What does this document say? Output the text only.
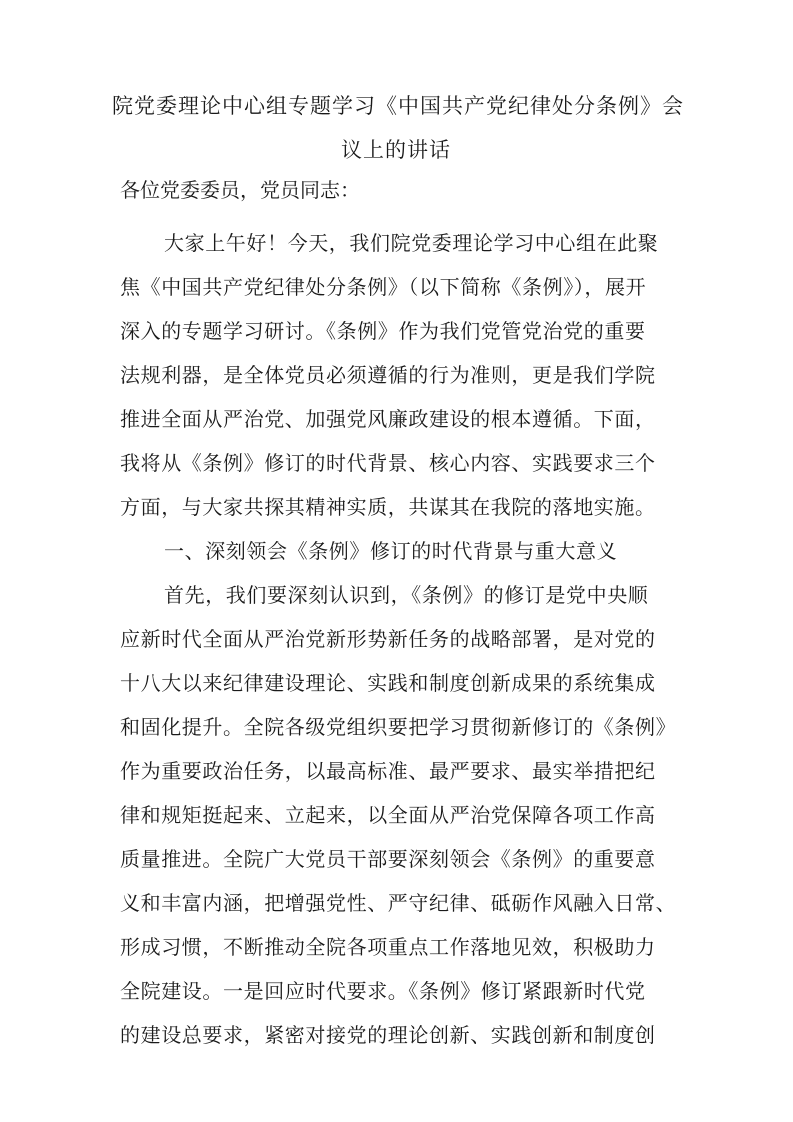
院党委理论中心组专题学习《中国共产党纪律处分条例》会
议上的讲话

各位党委委员，党员同志：

大家上午好！今天，我们院党委理论学习中心组在此聚

焦《中国共产党纪律处分条例》（以下简称《条例》），展开

深入的专题学习研讨。《条例》作为我们党管党治党的重要

法规利器，是全体党员必须遵循的行为准则，更是我们学院

推进全面从严治党、加强党风廉政建设的根本遵循。下面，

我将从《条例》修订的时代背景、核心内容、实践要求三个

方面，与大家共探其精神实质，共谋其在我院的落地实施。

一、深刻领会《条例》修订的时代背景与重大意义

首先，我们要深刻认识到，《条例》的修订是党中央顺

应新时代全面从严治党新形势新任务的战略部署，是对党的

十八大以来纪律建设理论、实践和制度创新成果的系统集成

和固化提升。全院各级党组织要把学习贯彻新修订的《条例》

作为重要政治任务，以最高标准、最严要求、最实举措把纪

律和规矩挺起来、立起来，以全面从严治党保障各项工作高

质量推进。全院广大党员干部要深刻领会《条例》的重要意

义和丰富内涵，把增强党性、严守纪律、砥砺作风融入日常、

形成习惯，不断推动全院各项重点工作落地见效，积极助力

全院建设。一是回应时代要求。《条例》修订紧跟新时代党

的建设总要求，紧密对接党的理论创新、实践创新和制度创
